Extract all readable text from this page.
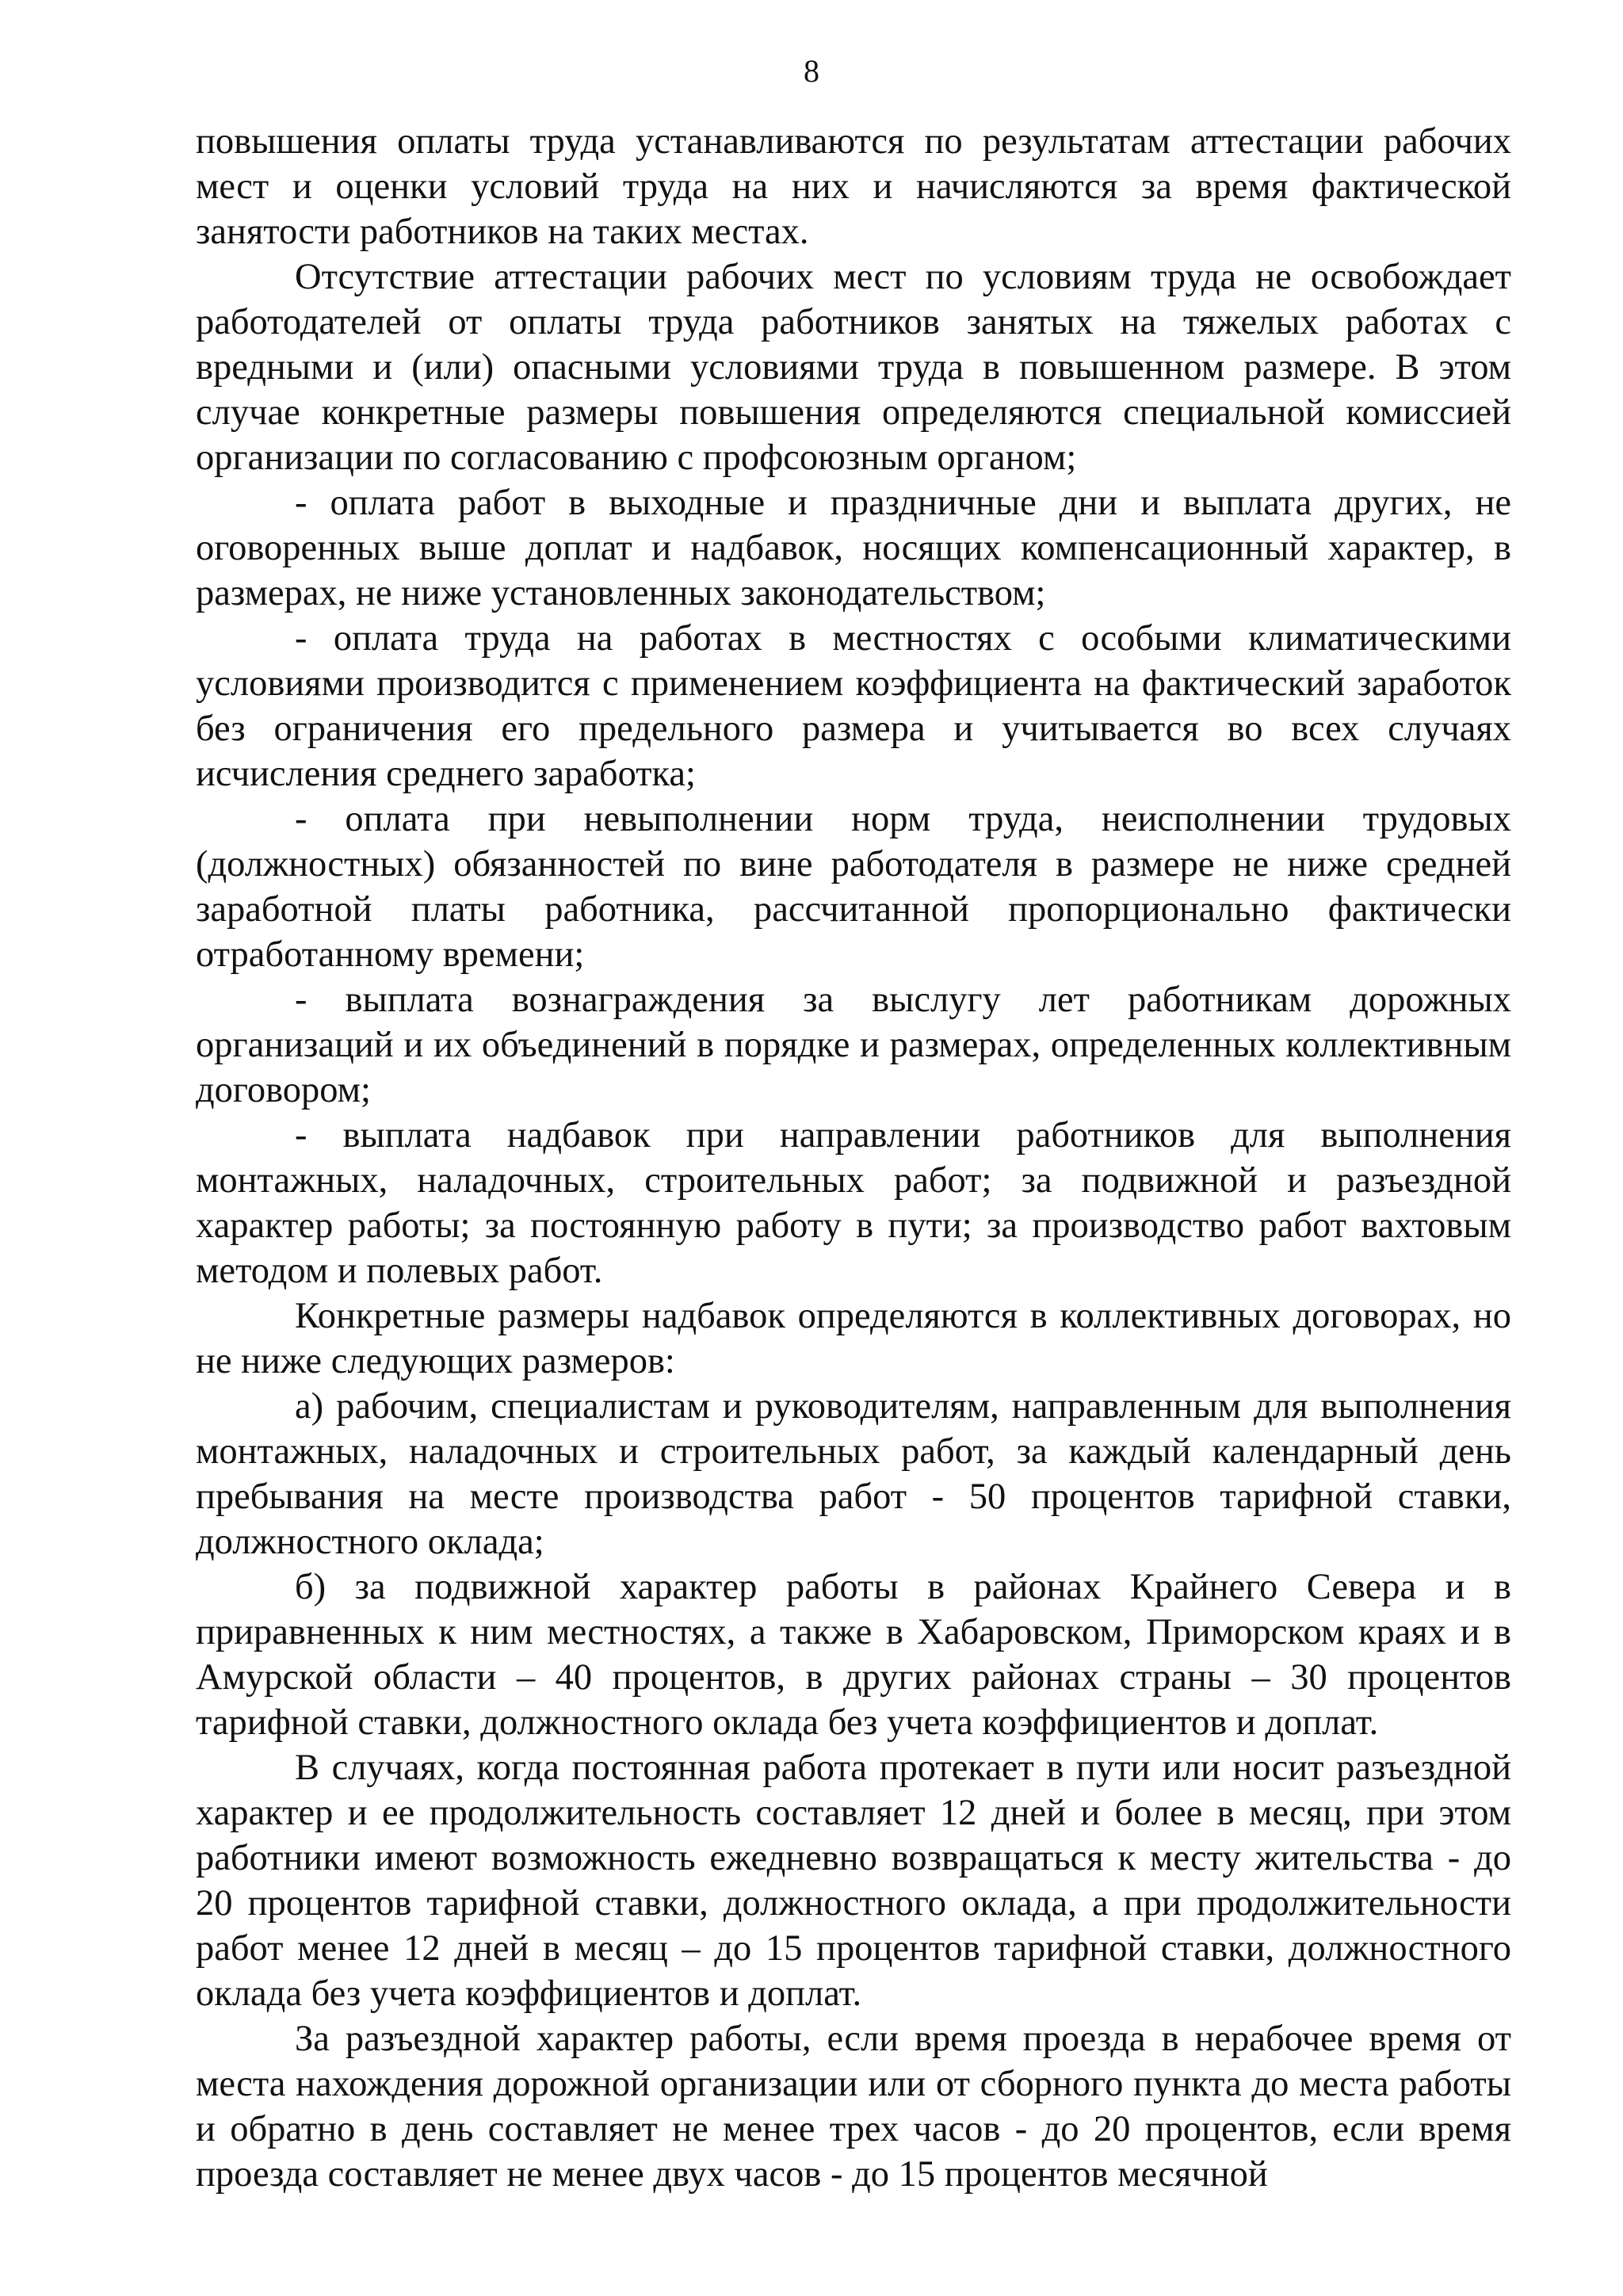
8

повышения оплаты труда устанавливаются по результатам аттестации рабочих мест и оценки условий труда на них и начисляются за время фактической занятости работников на таких местах.

Отсутствие аттестации рабочих мест по условиям труда не освобождает работодателей от оплаты труда работников занятых на тяжелых работах с вредными и (или) опасными условиями труда в повышенном размере. В этом случае конкретные размеры повышения определяются специальной комиссией организации по согласованию с профсоюзным органом;

- оплата работ в выходные и праздничные дни и выплата других, не оговоренных выше доплат и надбавок, носящих компенсационный характер, в размерах, не ниже установленных законодательством;

- оплата труда на работах в местностях с особыми климатическими условиями производится с применением коэффициента на фактический заработок без ограничения его предельного размера и учитывается во всех случаях исчисления среднего заработка;

- оплата при невыполнении норм труда, неисполнении трудовых (должностных) обязанностей по вине работодателя в размере не ниже средней заработной платы работника, рассчитанной пропорционально фактически отработанному времени;

- выплата вознаграждения за выслугу лет работникам дорожных организаций и их объединений в порядке и размерах, определенных коллективным договором;

- выплата надбавок при направлении работников для выполнения монтажных, наладочных, строительных работ; за подвижной и разъездной характер работы; за постоянную работу в пути; за производство работ вахтовым методом и полевых работ.

Конкретные размеры надбавок определяются в коллективных договорах, но не ниже следующих размеров:

а) рабочим, специалистам и руководителям, направленным для выполнения монтажных, наладочных и строительных работ, за каждый календарный день пребывания на месте производства работ - 50 процентов тарифной ставки, должностного оклада;

б) за подвижной характер работы в районах Крайнего Севера и в приравненных к ним местностях, а также в Хабаровском, Приморском краях и в Амурской области – 40 процентов, в других районах страны – 30 процентов тарифной ставки, должностного оклада без учета коэффициентов и доплат.

В случаях, когда постоянная работа протекает в пути или носит разъездной характер и ее продолжительность составляет 12 дней и более в месяц, при этом работники имеют возможность ежедневно возвращаться к месту жительства - до 20 процентов тарифной ставки, должностного оклада, а при продолжительности работ менее 12 дней в месяц – до 15 процентов тарифной ставки, должностного оклада без учета коэффициентов и доплат.

За разъездной характер работы, если время проезда в нерабочее время от места нахождения дорожной организации или от сборного пункта до места работы и обратно в день составляет не менее трех часов - до 20 процентов, если время проезда составляет не менее двух часов - до 15 процентов месячной
